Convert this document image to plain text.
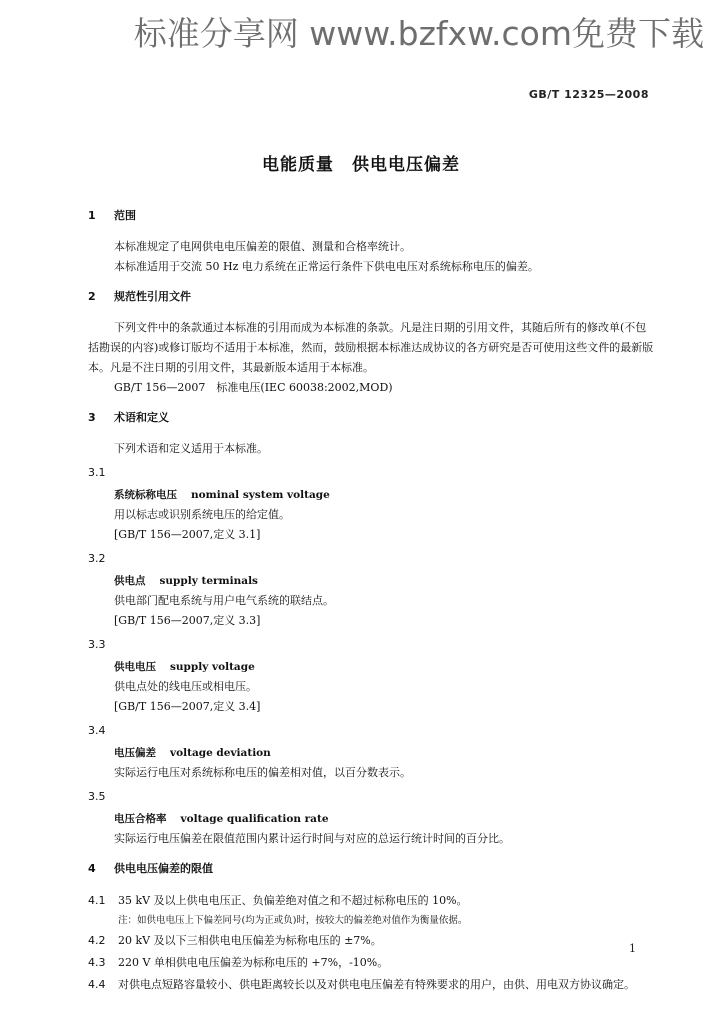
标准分享网 www.bzfxw.com免费下载
GB/T 12325—2008
电能质量　供电电压偏差
1 范围

本标准规定了电网供电电压偏差的限值、测量和合格率统计。

本标准适用于交流 50 Hz 电力系统在正常运行条件下供电电压对系统标称电压的偏差。

2 规范性引用文件

下列文件中的条款通过本标准的引用而成为本标准的条款。凡是注日期的引用文件，其随后所有的修改单(不包括勘误的内容)或修订版均不适用于本标准，然而，鼓励根据本标准达成协议的各方研究是否可使用这些文件的最新版本。凡是不注日期的引用文件，其最新版本适用于本标准。

GB/T 156—2007　标准电压(IEC 60038:2002,MOD)

3 术语和定义

下列术语和定义适用于本标准。

3.1
系统标称电压 nominal system voltage
用以标志或识别系统电压的给定值。
[GB/T 156—2007,定义 3.1]
3.2
供电点 supply terminals
供电部门配电系统与用户电气系统的联结点。
[GB/T 156—2007,定义 3.3]
3.3
供电电压 supply voltage
供电点处的线电压或相电压。
[GB/T 156—2007,定义 3.4]
3.4
电压偏差 voltage deviation
实际运行电压对系统标称电压的偏差相对值，以百分数表示。
3.5
电压合格率 voltage qualification rate
实际运行电压偏差在限值范围内累计运行时间与对应的总运行统计时间的百分比。
4 供电电压偏差的限值

4.1 35 kV 及以上供电电压正、负偏差绝对值之和不超过标称电压的 10%。

注：如供电电压上下偏差同号(均为正或负)时，按较大的偏差绝对值作为衡量依据。

4.2 20 kV 及以下三相供电电压偏差为标称电压的 ±7%。

4.3 220 V 单相供电电压偏差为标称电压的 +7%，-10%。

4.4 对供电点短路容量较小、供电距离较长以及对供电电压偏差有特殊要求的用户，由供、用电双方协议确定。

1
